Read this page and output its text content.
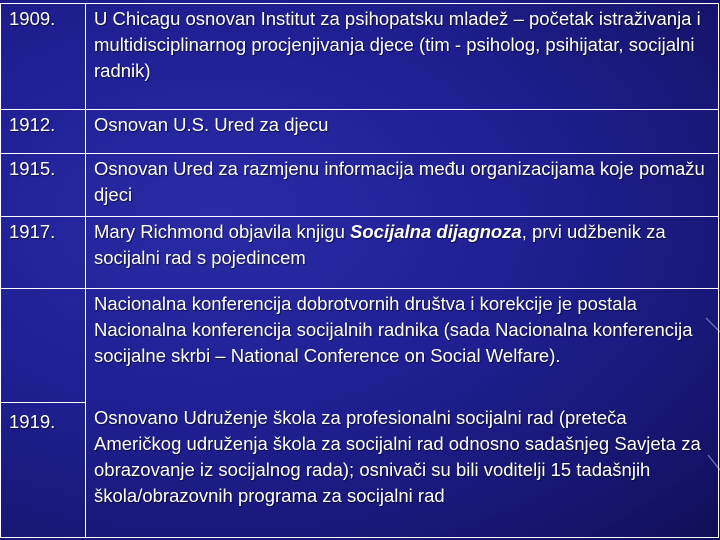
1909.	U Chicagu osnovan Institut za psihopatsku mladež – početak istraživanja i multidisciplinarnog procjenjivanja djece (tim - psiholog, psihijatar, socijalni radnik)
1912.	Osnovan U.S. Ured za djecu
1915.	Osnovan Ured za razmjenu informacija među organizacijama koje pomažu djeci
1917.	Mary Richmond objavila knjigu Socijalna dijagnoza, prvi udžbenik za socijalni rad s pojedincem
	Nacionalna konferencija dobrotvornih društva i korekcije je postala Nacionalna konferencija socijalnih radnika (sada Nacionalna konferencija socijalne skrbi – National Conference on Social Welfare).
1919.	Osnovano Udruženje škola za profesionalni socijalni rad (preteča Američkog udruženja škola za socijalni rad odnosno sadašnjeg Savjeta za obrazovanje iz socijalnog rada); osnivači su bili voditelji 15 tadašnjih škola/obrazovnih programa za socijalni rad
